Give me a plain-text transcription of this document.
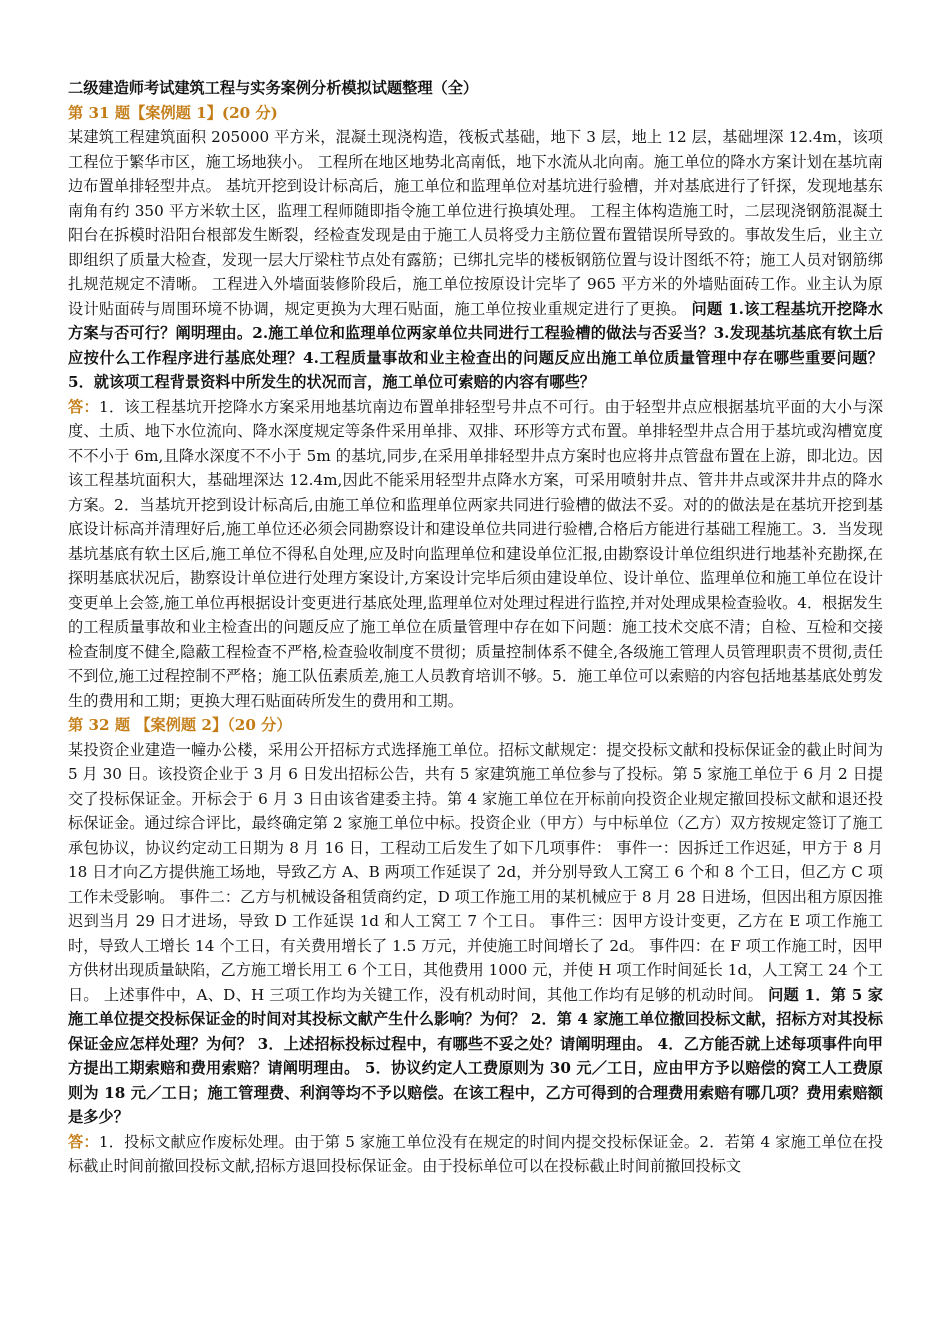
二级建造师考试建筑工程与实务案例分析模拟试题整理（全）

第 31 题【案例题 1】(20 分)

某建筑工程建筑面积 205000 平方米，混凝土现浇构造，筏板式基础，地下 3 层，地上 12 层，基础埋深 12.4m，该项工程位于繁华市区，施工场地狭小。 工程所在地区地势北高南低，地下水流从北向南。施工单位的降水方案计划在基坑南边布置单排轻型井点。 基坑开挖到设计标高后，施工单位和监理单位对基坑进行验槽，并对基底进行了钎探，发现地基东南角有约 350 平方米软土区，监理工程师随即指令施工单位进行换填处理。 工程主体构造施工时，二层现浇钢筋混凝土阳台在拆模时沿阳台根部发生断裂，经检查发现是由于施工人员将受力主筋位置布置错误所导致的。事故发生后，业主立即组织了质量大检查，发现一层大厅梁柱节点处有露筋；已绑扎完毕的楼板钢筋位置与设计图纸不符；施工人员对钢筋绑扎规范规定不清晰。 工程进入外墙面装修阶段后，施工单位按原设计完毕了 965 平方米的外墙贴面砖工作。业主认为原设计贴面砖与周围环境不协调，规定更换为大理石贴面，施工单位按业重规定进行了更换。 问题 1.该工程基坑开挖降水方案与否可行？阐明理由。2.施工单位和监理单位两家单位共同进行工程验槽的做法与否妥当？3.发现基坑基底有软土后应按什么工作程序进行基底处理？4.工程质量事故和业主检查出的问题反应出施工单位质量管理中存在哪些重要问题？5．就该项工程背景资料中所发生的状况而言，施工单位可索赔的内容有哪些？

答：1．该工程基坑开挖降水方案采用地基坑南边布置单排轻型号井点不可行。由于轻型井点应根据基坑平面的大小与深度、土质、地下水位流向、降水深度规定等条件采用单排、双排、环形等方式布置。单排轻型井点合用于基坑或沟槽宽度不不小于 6m,且降水深度不不小于 5m 的基坑,同步,在采用单排轻型井点方案时也应将井点管盘布置在上游，即北边。因该工程基坑面积大，基础埋深达 12.4m,因此不能采用轻型井点降水方案，可采用喷射井点、管井井点或深井井点的降水方案。2．当基坑开挖到设计标高后,由施工单位和监理单位两家共同进行验槽的做法不妥。对的的做法是在基坑开挖到基底设计标高并清理好后,施工单位还必须会同勘察设计和建设单位共同进行验槽,合格后方能进行基础工程施工。3．当发现基坑基底有软土区后,施工单位不得私自处理,应及时向监理单位和建设单位汇报,由勘察设计单位组织进行地基补充勘探,在探明基底状况后，勘察设计单位进行处理方案设计,方案设计完毕后须由建设单位、设计单位、监理单位和施工单位在设计变更单上会签,施工单位再根据设计变更进行基底处理,监理单位对处理过程进行监控,并对处理成果检查验收。4．根据发生的工程质量事故和业主检查出的问题反应了施工单位在质量管理中存在如下问题：施工技术交底不清；自检、互检和交接检查制度不健全,隐蔽工程检查不严格,检查验收制度不贯彻；质量控制体系不健全,各级施工管理人员管理职责不贯彻,责任不到位,施工过程控制不严格；施工队伍素质差,施工人员教育培训不够。5．施工单位可以索赔的内容包括地基基底处剪发生的费用和工期；更换大理石贴面砖所发生的费用和工期。

第 32 题 【案例题 2】（20 分）

某投资企业建造一幢办公楼，采用公开招标方式选择施工单位。招标文献规定：提交投标文献和投标保证金的截止时间为 5 月 30 日。该投资企业于 3 月 6 日发出招标公告，共有 5 家建筑施工单位参与了投标。第 5 家施工单位于 6 月 2 日提交了投标保证金。开标会于 6 月 3 日由该省建委主持。第 4 家施工单位在开标前向投资企业规定撤回投标文献和退还投标保证金。通过综合评比，最终确定第 2 家施工单位中标。投资企业（甲方）与中标单位（乙方）双方按规定签订了施工承包协议，协议约定动工日期为 8 月 16 日，工程动工后发生了如下几项事件： 事件一：因拆迁工作迟延，甲方于 8 月 18 日才向乙方提供施工场地，导致乙方 A、B 两项工作延误了 2d，并分别导致人工窝工 6 个和 8 个工日，但乙方 C 项工作未受影响。 事件二：乙方与机械设备租赁商约定，D 项工作施工用的某机械应于 8 月 28 日进场，但因出租方原因推迟到当月 29 日才进场，导致 D 工作延误 1d 和人工窝工 7 个工日。 事件三：因甲方设计变更，乙方在 E 项工作施工时，导致人工增长 14 个工日，有关费用增长了 1.5 万元，并使施工时间增长了 2d。 事件四：在 F 项工作施工时，因甲方供材出现质量缺陷，乙方施工增长用工 6 个工日，其他费用 1000 元，并使 H 项工作时间延长 1d，人工窝工 24 个工日。 上述事件中，A、D、H 三项工作均为关键工作，没有机动时间，其他工作均有足够的机动时间。 问题 1．第 5 家施工单位提交投标保证金的时间对其投标文献产生什么影响？为何？ 2．第 4 家施工单位撤回投标文献，招标方对其投标保证金应怎样处理？为何？ 3．上述招标投标过程中，有哪些不妥之处？请阐明理由。 4．乙方能否就上述每项事件向甲方提出工期索赔和费用索赔？请阐明理由。 5．协议约定人工费原则为 30 元／工日，应由甲方予以赔偿的窝工人工费原则为 18 元／工日；施工管理费、利润等均不予以赔偿。在该工程中，乙方可得到的合理费用索赔有哪几项？费用索赔额是多少？

答：1．投标文献应作废标处理。由于第 5 家施工单位没有在规定的时间内提交投标保证金。2．若第 4 家施工单位在投标截止时间前撤回投标文献,招标方退回投标保证金。由于投标单位可以在投标截止时间前撤回投标文
